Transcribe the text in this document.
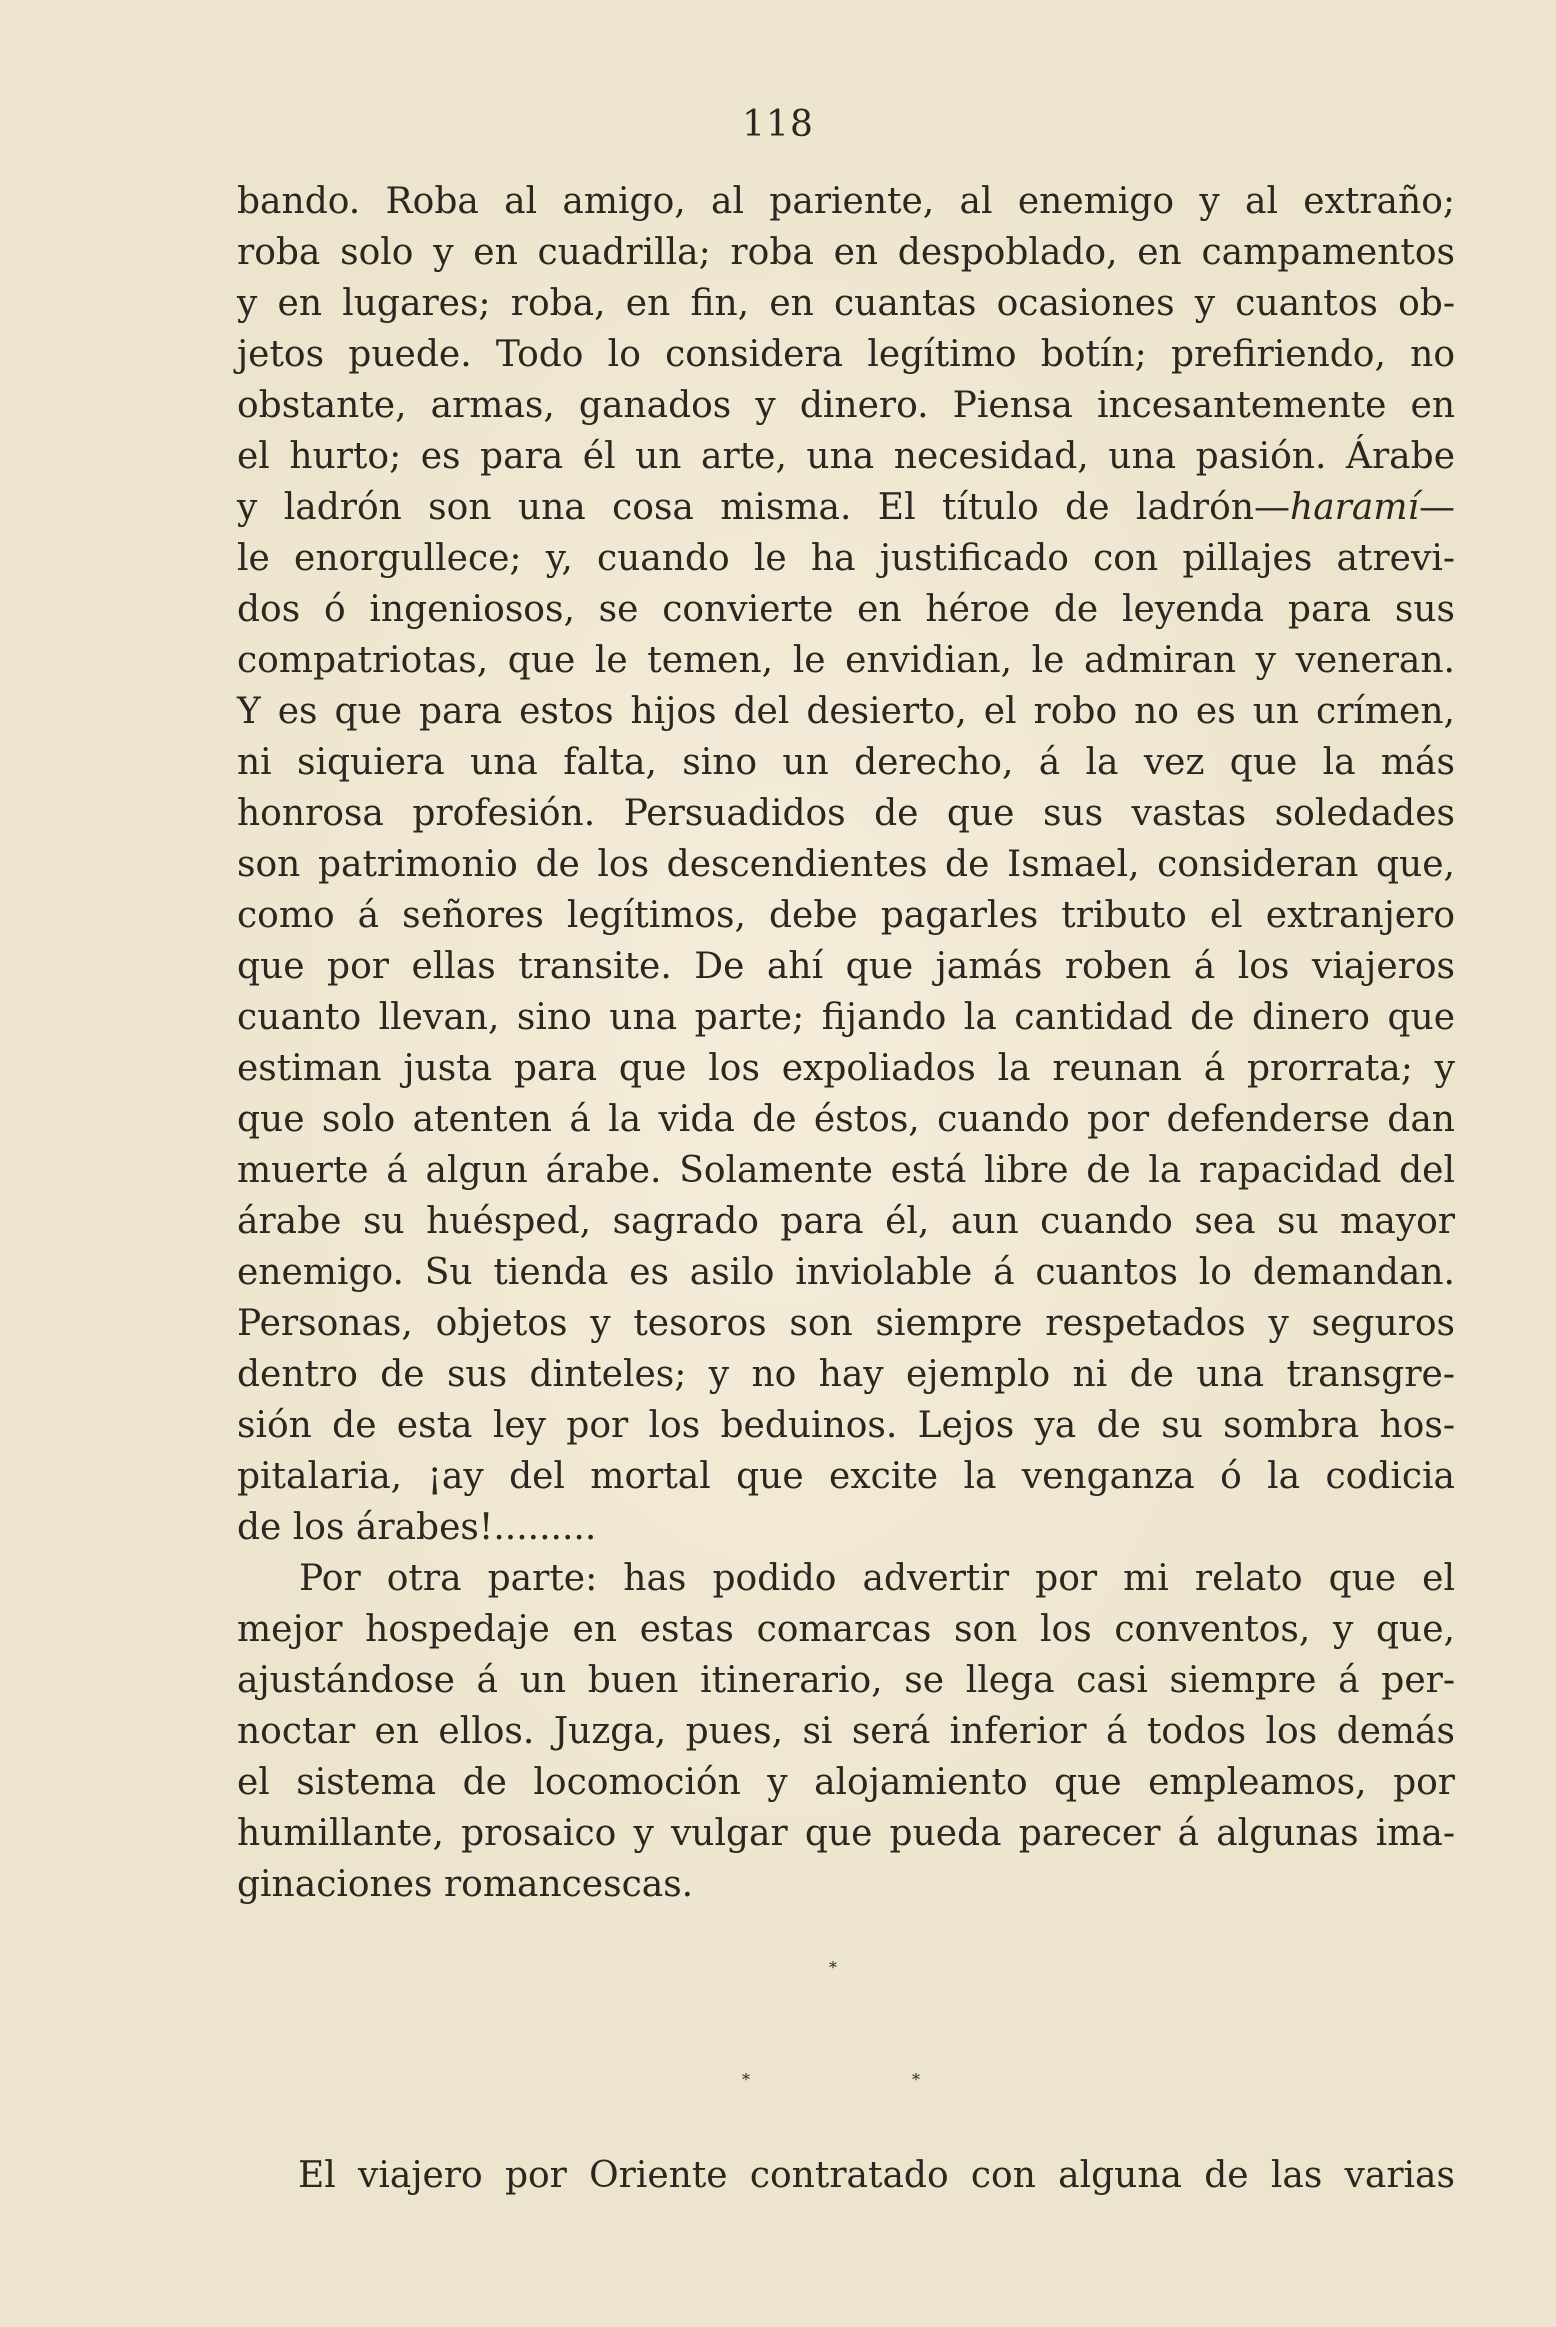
118
bando. Roba al amigo, al pariente, al enemigo y al extraño;
roba solo y en cuadrilla; roba en despoblado, en campamentos
y en lugares; roba, en fin, en cuantas ocasiones y cuantos ob-
jetos puede. Todo lo considera legítimo botín; prefiriendo, no
obstante, armas, ganados y dinero. Piensa incesantemente en
el hurto; es para él un arte, una necesidad, una pasión. Árabe
y ladrón son una cosa misma. El título de ladrón—haramí—
le enorgullece; y, cuando le ha justificado con pillajes atrevi-
dos ó ingeniosos, se convierte en héroe de leyenda para sus
compatriotas, que le temen, le envidian, le admiran y veneran.
Y es que para estos hijos del desierto, el robo no es un crímen,
ni siquiera una falta, sino un derecho, á la vez que la más
honrosa profesión. Persuadidos de que sus vastas soledades
son patrimonio de los descendientes de Ismael, consideran que,
como á señores legítimos, debe pagarles tributo el extranjero
que por ellas transite. De ahí que jamás roben á los viajeros
cuanto llevan, sino una parte; fijando la cantidad de dinero que
estiman justa para que los expoliados la reunan á prorrata; y
que solo atenten á la vida de éstos, cuando por defenderse dan
muerte á algun árabe. Solamente está libre de la rapacidad del
árabe su huésped, sagrado para él, aun cuando sea su mayor
enemigo. Su tienda es asilo inviolable á cuantos lo demandan.
Personas, objetos y tesoros son siempre respetados y seguros
dentro de sus dinteles; y no hay ejemplo ni de una transgre-
sión de esta ley por los beduinos. Lejos ya de su sombra hos-
pitalaria, ¡ay del mortal que excite la venganza ó la codicia
de los árabes!.........
Por otra parte: has podido advertir por mi relato que el
mejor hospedaje en estas comarcas son los conventos, y que,
ajustándose á un buen itinerario, se llega casi siempre á per-
noctar en ellos. Juzga, pues, si será inferior á todos los demás
el sistema de locomoción y alojamiento que empleamos, por
humillante, prosaico y vulgar que pueda parecer á algunas ima-
ginaciones romancescas.
*
*	*
El viajero por Oriente contratado con alguna de las varias
